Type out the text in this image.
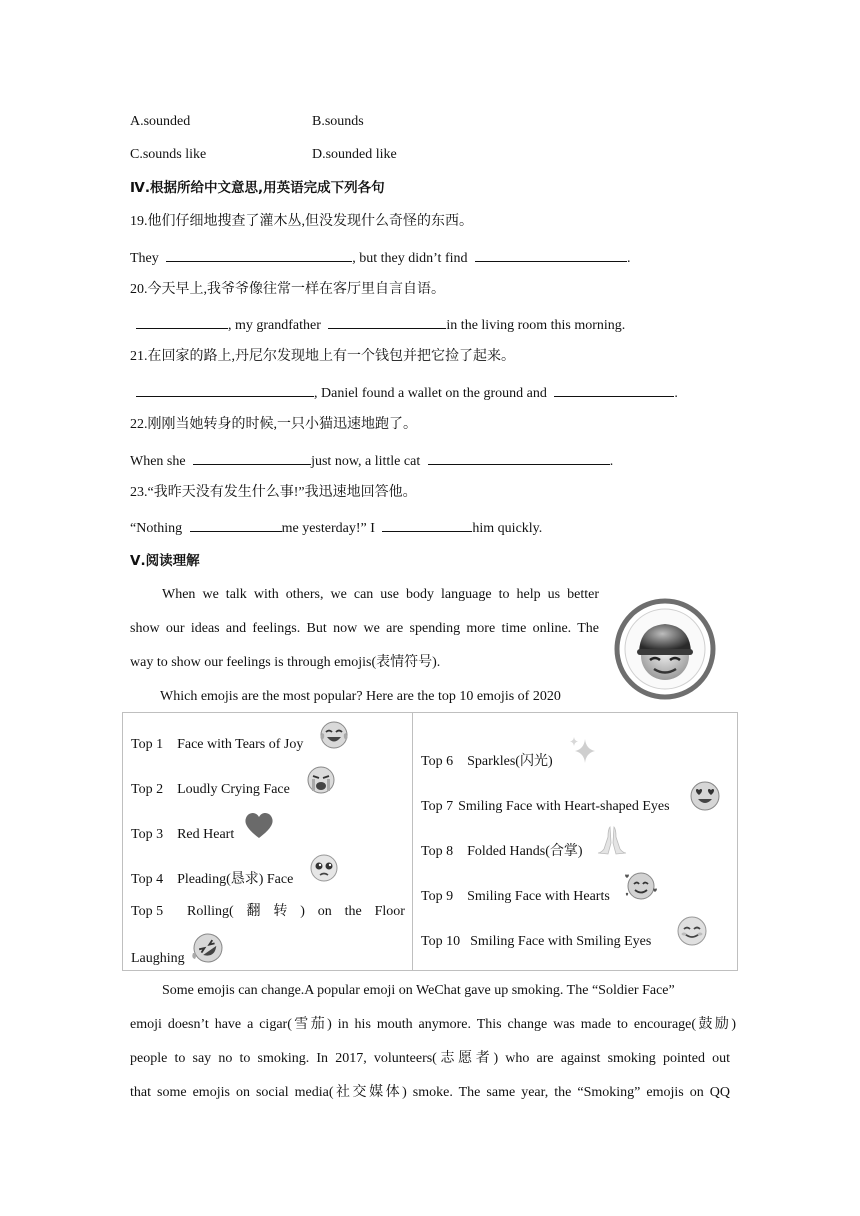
A.sounded	B.sounds
C.sounds like	D.sounded like
Ⅳ.根据所给中文意思,用英语完成下列各句
19.他们仔细地搜查了灌木丛,但没发现什么奇怪的东西。
They	, but they didn’t find	.
20.今天早上,我爷爷像往常一样在客厅里自言自语。
, my grandfather	in the living room this morning.
21.在回家的路上,丹尼尔发现地上有一个钱包并把它捡了起来。
, Daniel found a wallet on the ground and	.
22.刚刚当她转身的时候,一只小猫迅速地跑了。
When she	just now, a little cat	.
23.“我昨天没有发生什么事!”我迅速地回答他。
“Nothing	me yesterday!” I	him quickly.
Ⅴ.阅读理解
When we talk with others, we can use body language to help us better
show our ideas and feelings. But now we are spending more time online. The
way to show our feelings is through emojis(表情符号).
Which emojis are the most popular? Here are the top 10 emojis of 2020
Top 1 Face with Tears of Joy
Top 2 Loudly Crying Face
Top 3 Red Heart
Top 4 Pleading(恳求) Face
Top 5 Rolling( 翻 转 ) on the Floor
Laughing

Top 6 Sparkles(闪光)
Top 7 Smiling Face with Heart-shaped Eyes
Top 8 Folded Hands(合掌)
Top 9 Smiling Face with Hearts
Top 10 Smiling Face with Smiling Eyes
Some emojis can change.A popular emoji on WeChat gave up smoking. The “Soldier Face”
emoji doesn’t have a cigar(雪茄) in his mouth anymore. This change was made to encourage(鼓励)
people to say no to smoking. In 2017, volunteers(志愿者) who are against smoking pointed out
that some emojis on social media(社交媒体) smoke. The same year, the “Smoking” emojis on QQ
